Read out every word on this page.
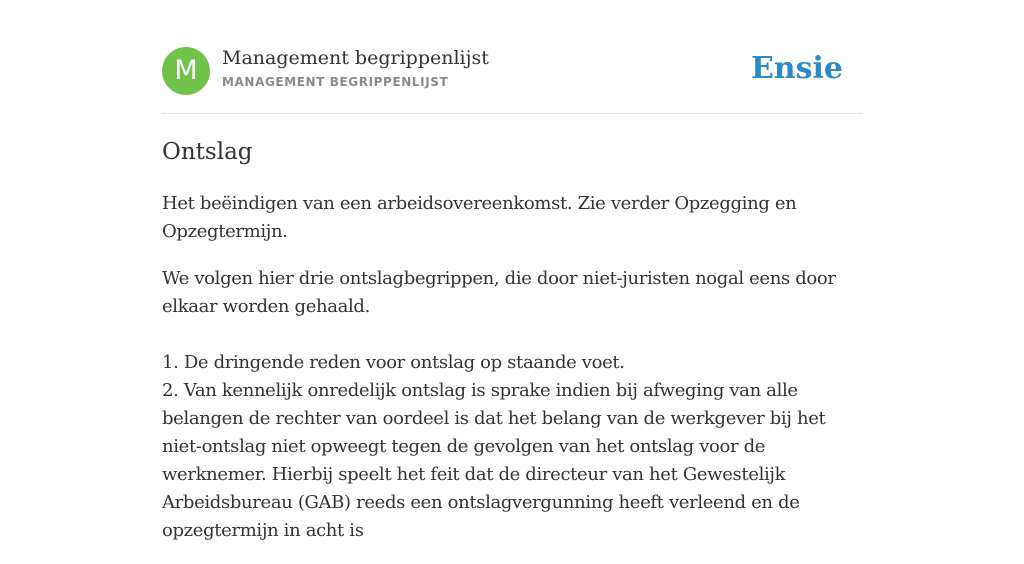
M	Management begrippenlijst
MANAGEMENT BEGRIPPENLIJST	Ensie
Ontslag

Het beëindigen van een arbeidsovereenkomst. Zie verder Opzegging en Opzegtermijn.

We volgen hier drie ontslagbegrippen, die door niet-juristen nogal eens door elkaar worden gehaald.

1. De dringende reden voor ontslag op staande voet.
2. Van kennelijk onredelijk ontslag is sprake indien bij afweging van alle belangen de rechter van oordeel is dat het belang van de werkgever bij het niet-ontslag niet opweegt tegen de gevolgen van het ontslag voor de werknemer. Hierbij speelt het feit dat de directeur van het Gewestelijk Arbeidsbureau (GAB) reeds een ontslagvergunning heeft verleend en de opzegtermijn in acht is
